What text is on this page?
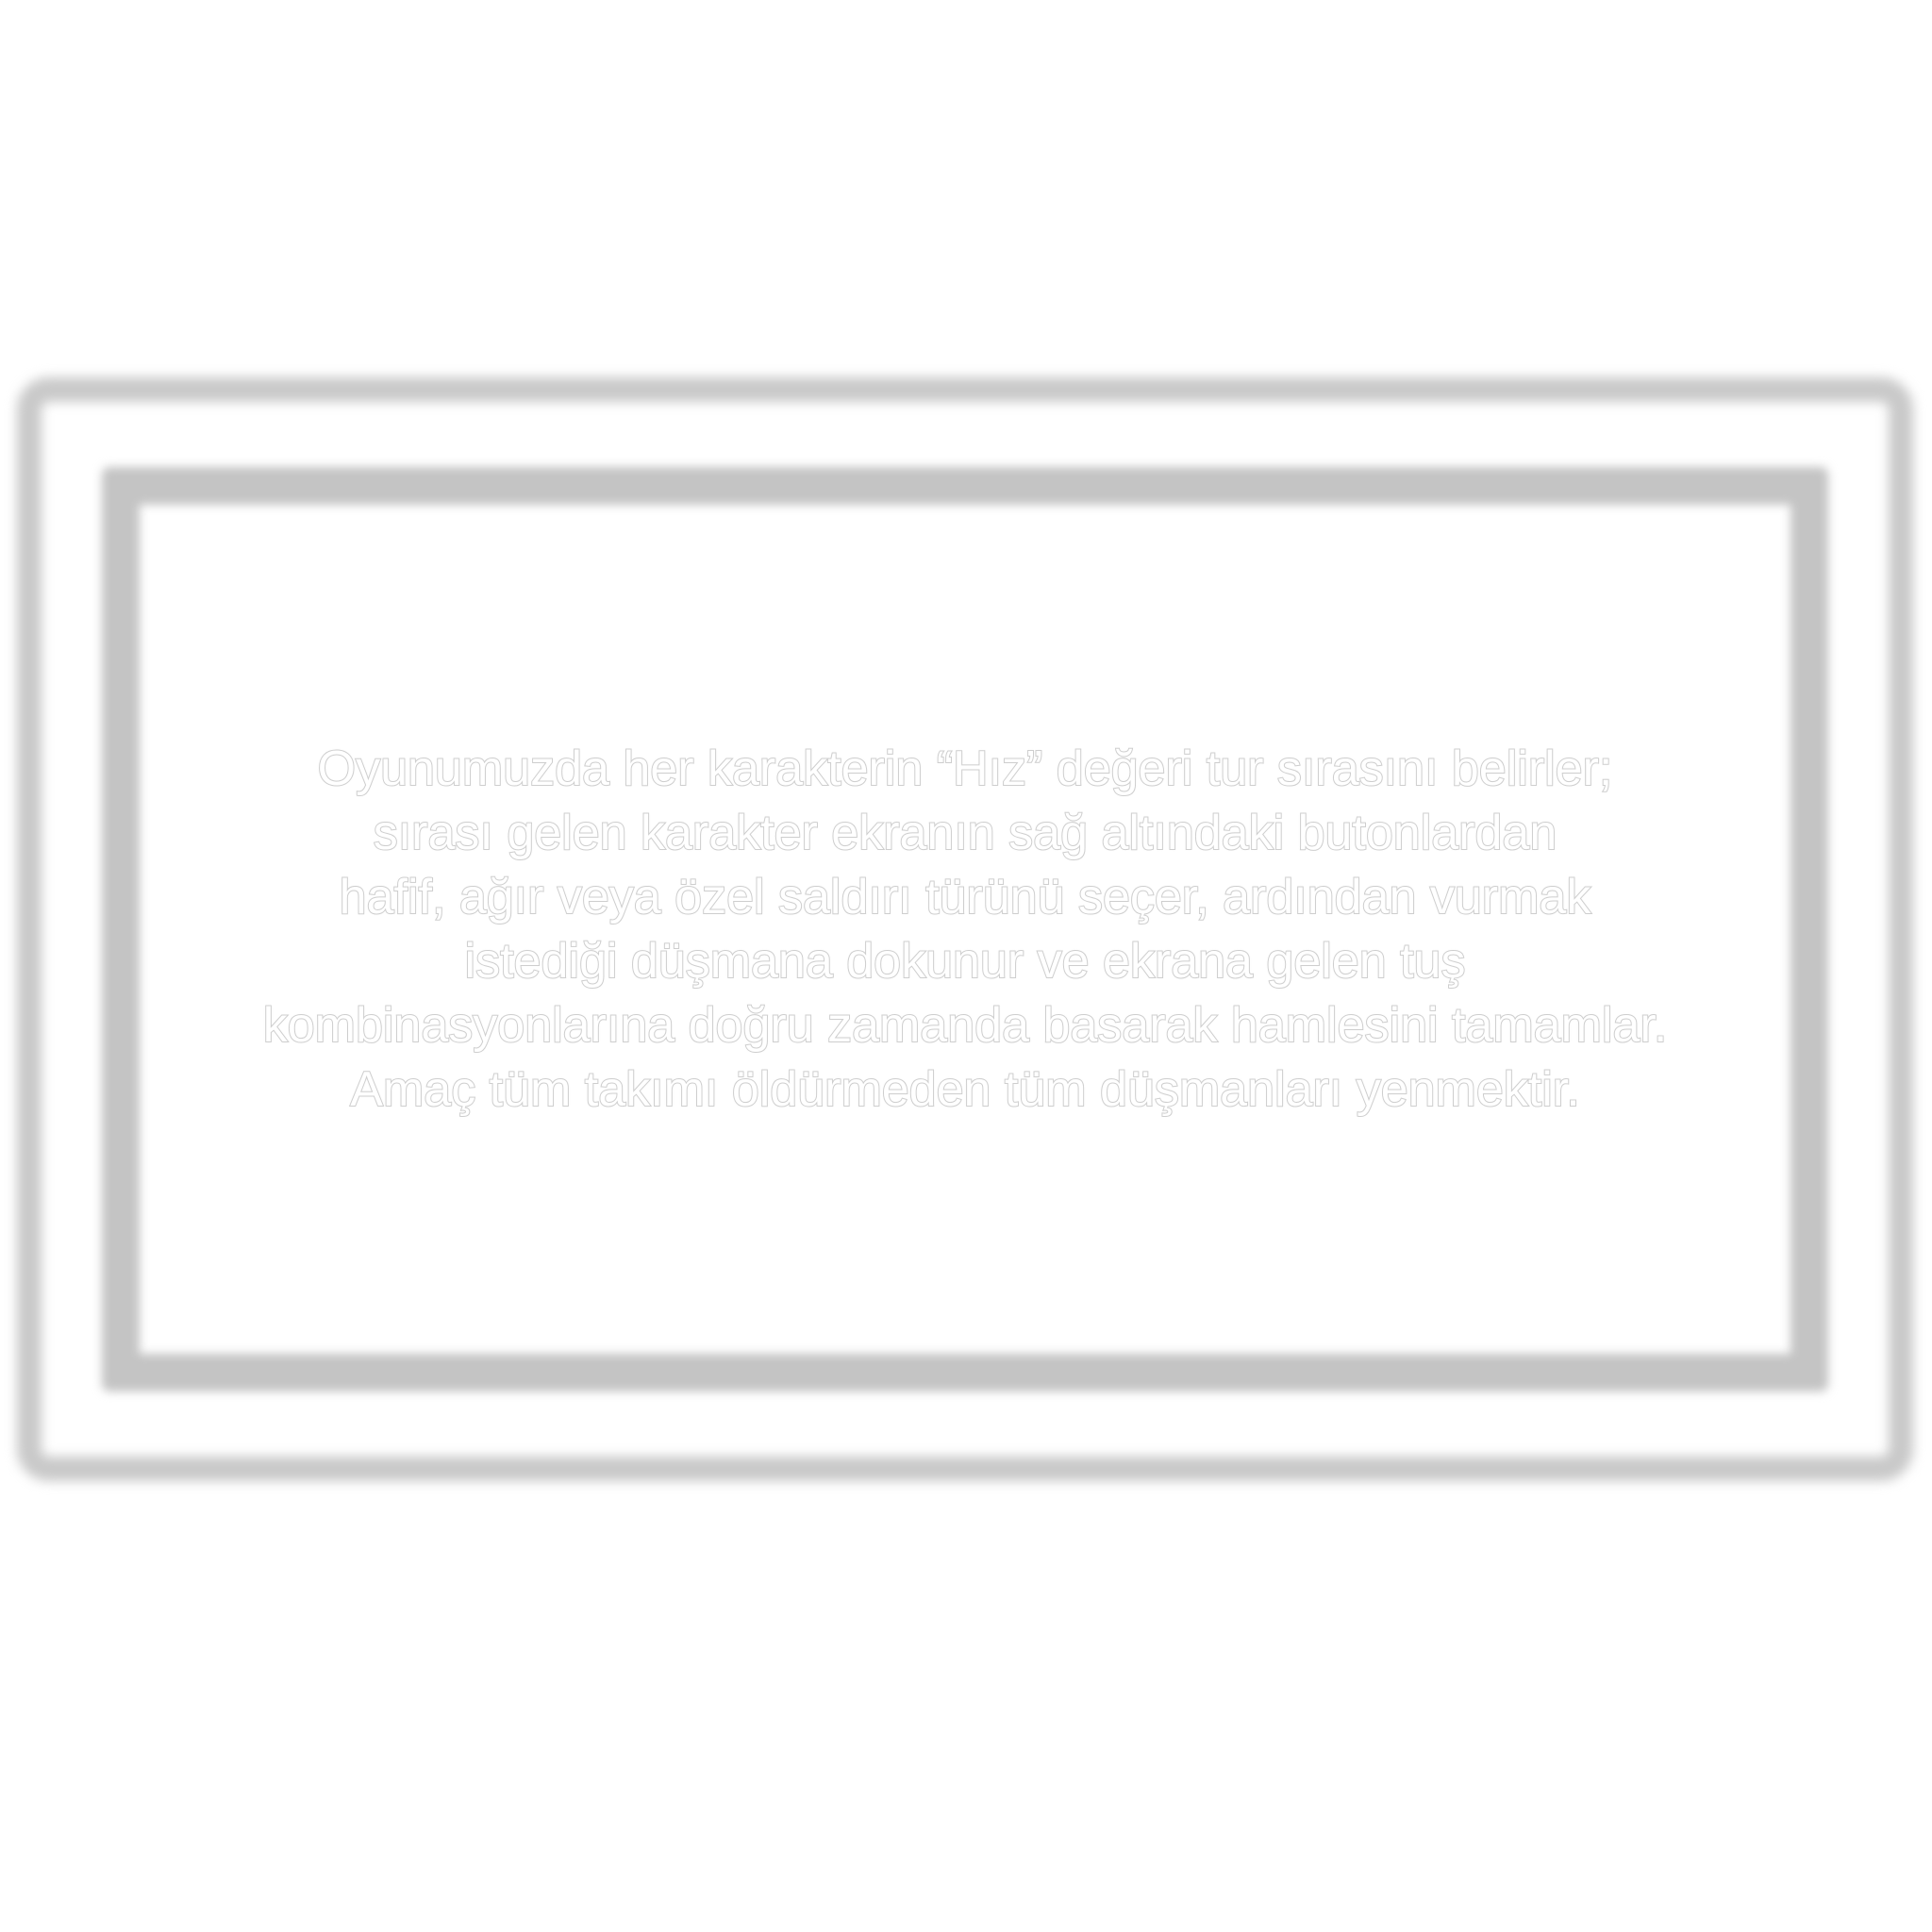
Oyunumuzda her karakterin “Hız” değeri tur sırasını belirler;
sırası gelen karakter ekranın sağ altındaki butonlardan
hafif, ağır veya özel saldırı türünü seçer, ardından vurmak
istediği düşmana dokunur ve ekrana gelen tuş
kombinasyonlarına doğru zamanda basarak hamlesini tamamlar.
Amaç tüm takımı öldürmeden tüm düşmanları yenmektir.
